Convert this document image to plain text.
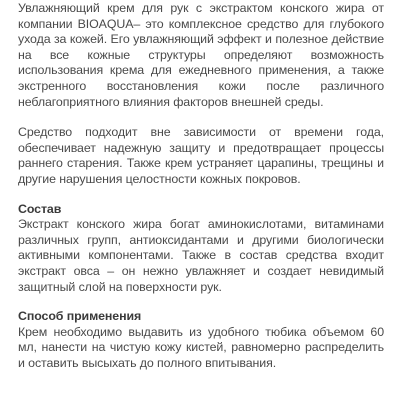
Увлажняющий крем для рук с экстрактом конского жира от компании BIOAQUA– это комплексное средство для глубокого ухода за кожей. Его увлажняющий эффект и полезное действие на все кожные структуры определяют возможность использования крема для ежедневного применения, а также экстренного восстановления кожи после различного неблагоприятного влияния факторов внешней среды.

Средство подходит вне зависимости от времени года, обеспечивает надежную защиту и предотвращает процессы раннего старения. Также крем устраняет царапины, трещины и другие нарушения целостности кожных покровов.

Состав

Экстракт конского жира богат аминокислотами, витаминами различных групп, антиоксидантами и другими биологически активными компонентами. Также в состав средства входит экстракт овса – он нежно увлажняет и создает невидимый защитный слой на поверхности рук.

Способ применения

Крем необходимо выдавить из удобного тюбика объемом 60 мл, нанести на чистую кожу кистей, равномерно распределить и оставить высыхать до полного впитывания.
